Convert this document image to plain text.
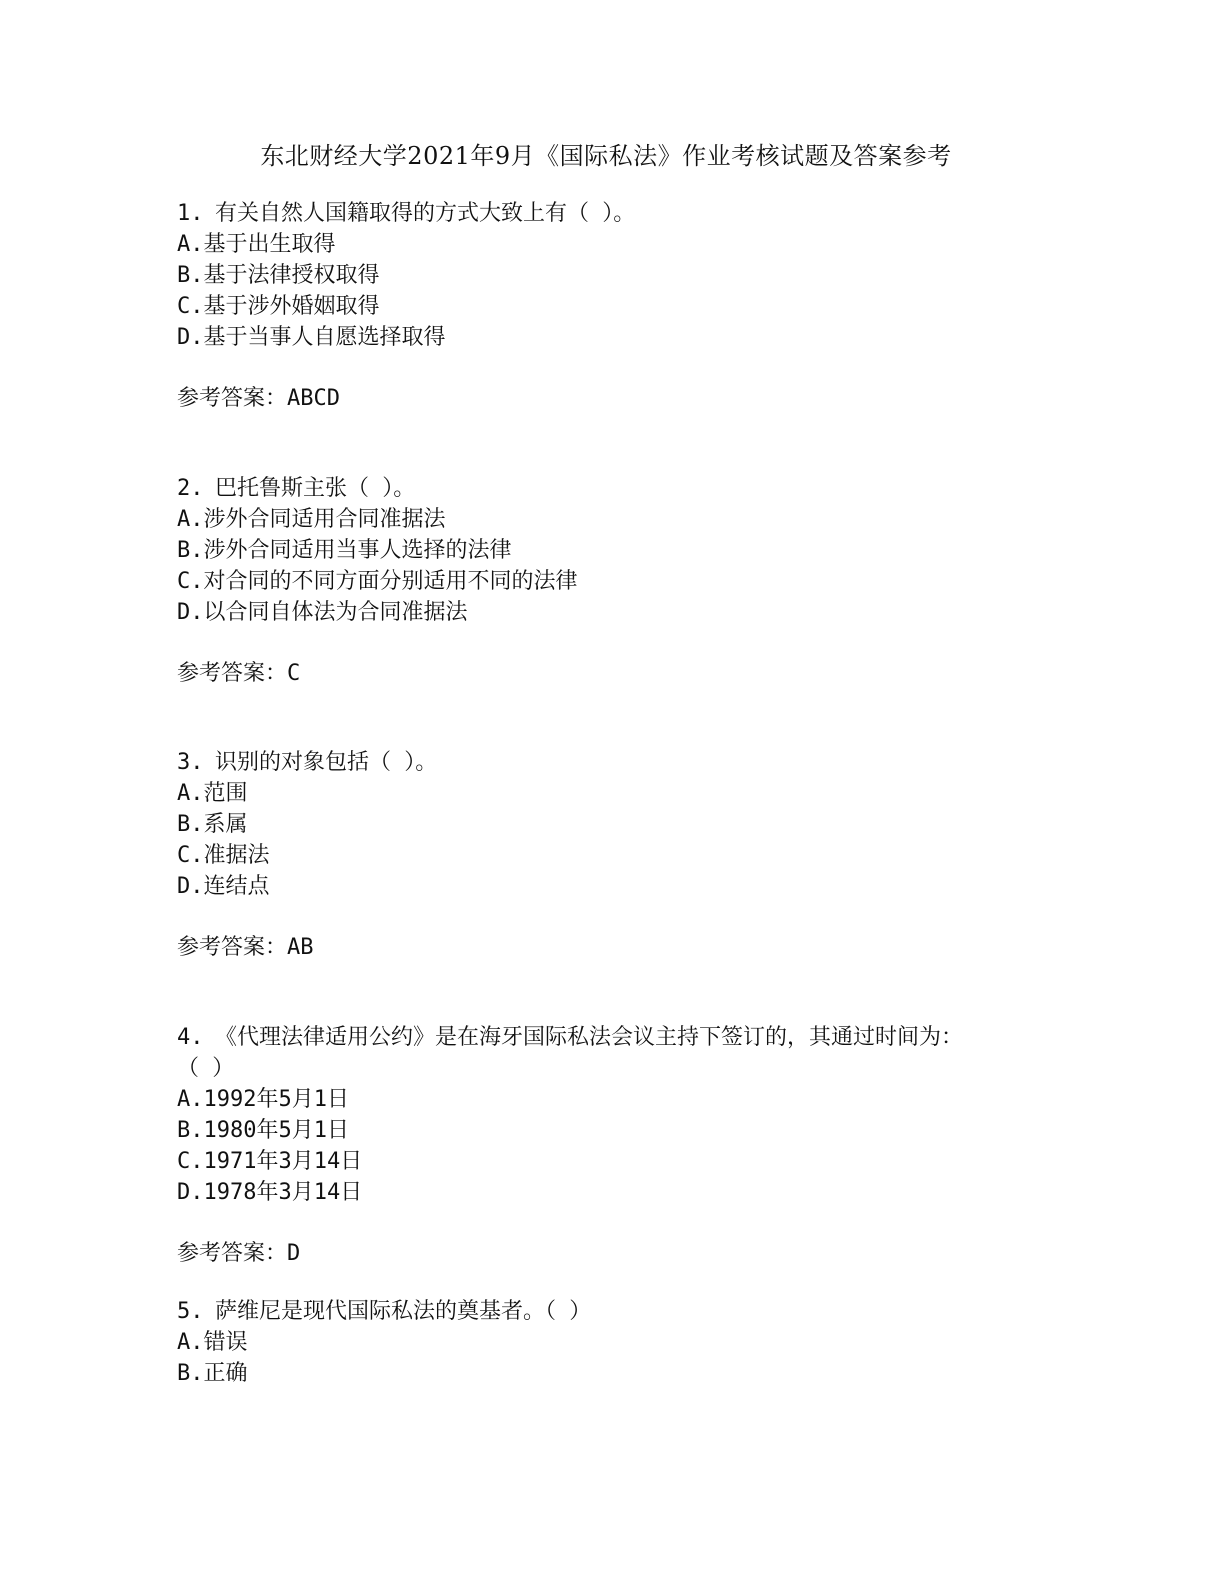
东北财经大学2021年9月《国际私法》作业考核试题及答案参考
1. 有关自然人国籍取得的方式大致上有（ ）。
A.基于出生取得
B.基于法律授权取得
C.基于涉外婚姻取得
D.基于当事人自愿选择取得
参考答案：ABCD
2. 巴托鲁斯主张（ ）。
A.涉外合同适用合同准据法
B.涉外合同适用当事人选择的法律
C.对合同的不同方面分别适用不同的法律
D.以合同自体法为合同准据法
参考答案：C
3. 识别的对象包括（ ）。
A.范围
B.系属
C.准据法
D.连结点
参考答案：AB
4. 《代理法律适用公约》是在海牙国际私法会议主持下签订的，其通过时间为：
（ ）
A.1992年5月1日
B.1980年5月1日
C.1971年3月14日
D.1978年3月14日
参考答案：D
5. 萨维尼是现代国际私法的奠基者。（ ）
A.错误
B.正确
